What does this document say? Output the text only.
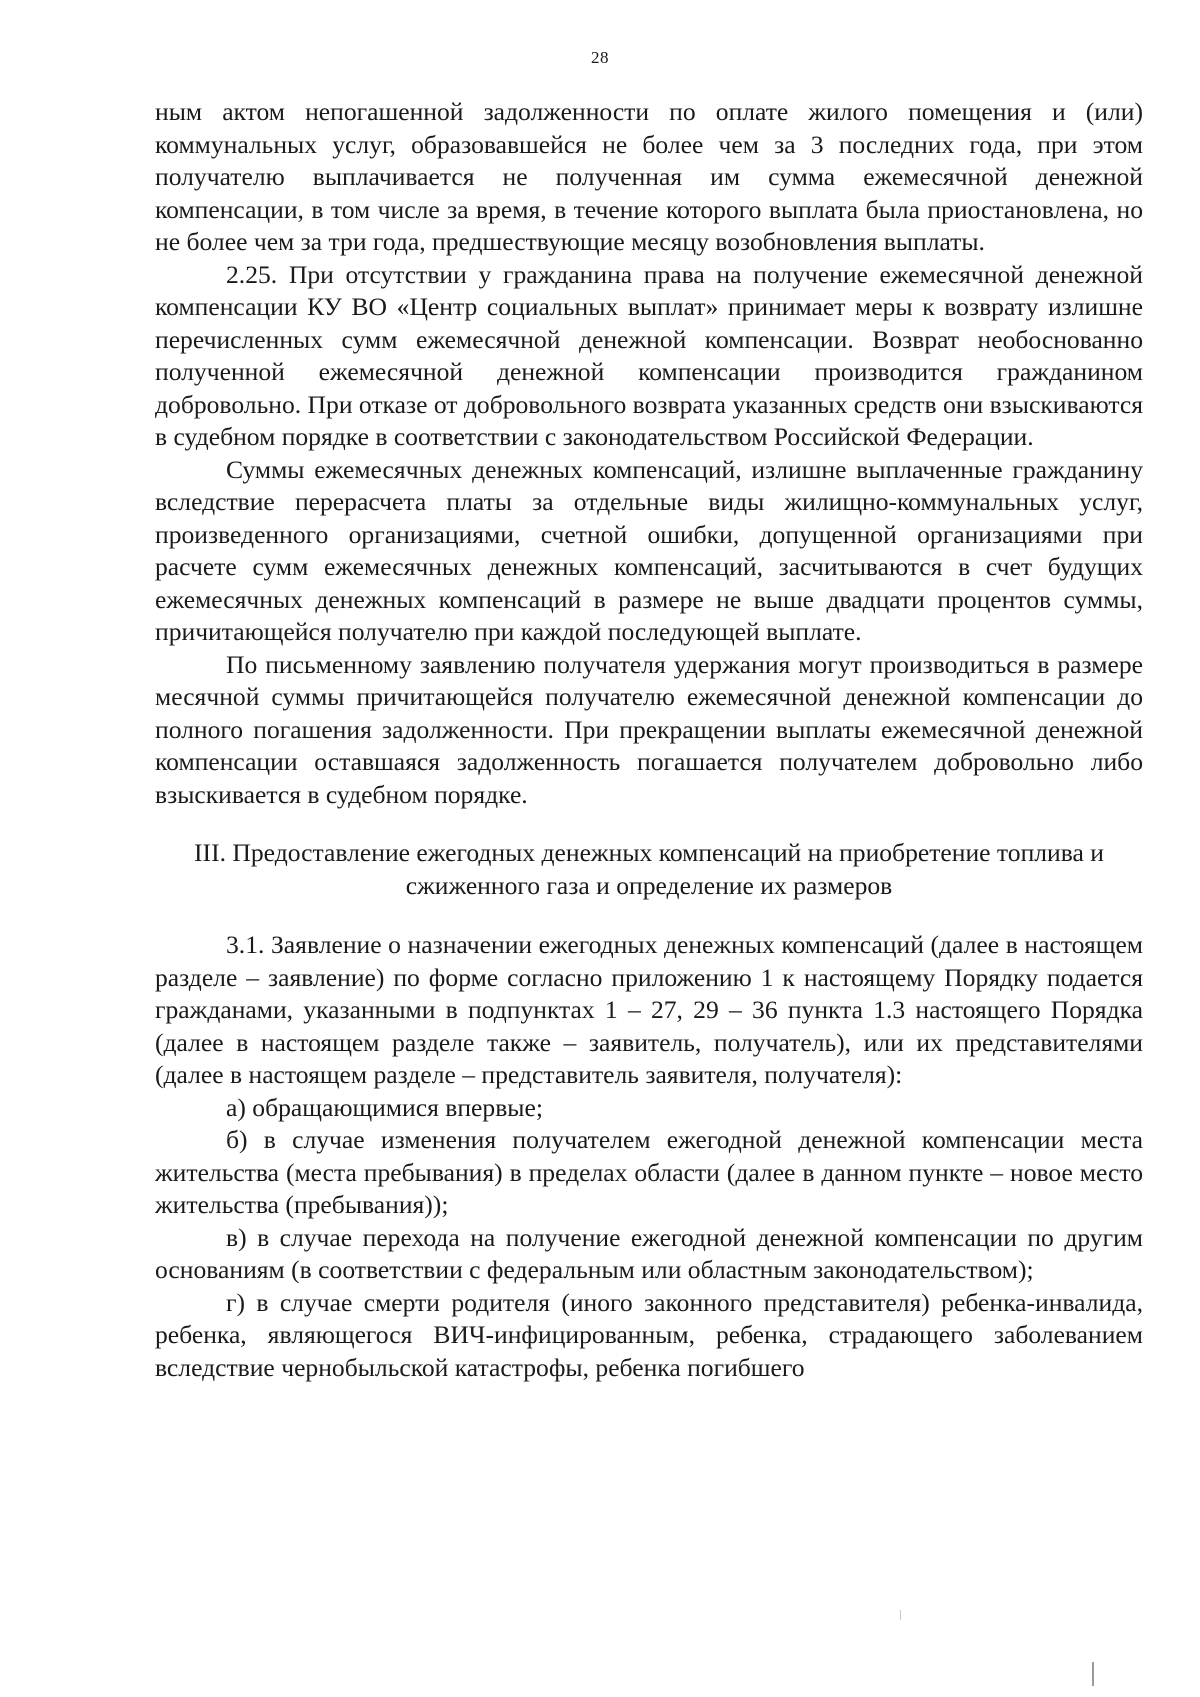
28

ным актом непогашенной задолженности по оплате жилого помещения и (или) коммунальных услуг, образовавшейся не более чем за 3 последних года, при этом получателю выплачивается не полученная им сумма ежемесячной денежной компенсации, в том числе за время, в течение которого выплата была приостановлена, но не более чем за три года, предшествующие месяцу возобновления выплаты.

2.25. При отсутствии у гражданина права на получение ежемесячной денежной компенсации КУ ВО «Центр социальных выплат» принимает меры к возврату излишне перечисленных сумм ежемесячной денежной компенсации. Возврат необоснованно полученной ежемесячной денежной компенсации производится гражданином добровольно. При отказе от добровольного возврата указанных средств они взыскиваются в судебном порядке в соответствии с законодательством Российской Федерации.

Суммы ежемесячных денежных компенсаций, излишне выплаченные гражданину вследствие перерасчета платы за отдельные виды жилищно-коммунальных услуг, произведенного организациями, счетной ошибки, допущенной организациями при расчете сумм ежемесячных денежных компенсаций, засчитываются в счет будущих ежемесячных денежных компенсаций в размере не выше двадцати процентов суммы, причитающейся получателю при каждой последующей выплате.

По письменному заявлению получателя удержания могут производиться в размере месячной суммы причитающейся получателю ежемесячной денежной компенсации до полного погашения задолженности. При прекращении выплаты ежемесячной денежной компенсации оставшаяся задолженность погашается получателем добровольно либо взыскивается в судебном порядке.

III. Предоставление ежегодных денежных компенсаций на приобретение топлива и сжиженного газа и определение их размеров

3.1. Заявление о назначении ежегодных денежных компенсаций (далее в настоящем разделе – заявление) по форме согласно приложению 1 к настоящему Порядку подается гражданами, указанными в подпунктах 1 – 27, 29 – 36 пункта 1.3 настоящего Порядка (далее в настоящем разделе также – заявитель, получатель), или их представителями (далее в настоящем разделе – представитель заявителя, получателя):

а) обращающимися впервые;

б) в случае изменения получателем ежегодной денежной компенсации места жительства (места пребывания) в пределах области (далее в данном пункте – новое место жительства (пребывания));

в) в случае перехода на получение ежегодной денежной компенсации по другим основаниям (в соответствии с федеральным или областным законодательством);

г) в случае смерти родителя (иного законного представителя) ребенка-инвалида, ребенка, являющегося ВИЧ-инфицированным, ребенка, страдающего заболеванием вследствие чернобыльской катастрофы, ребенка погибшего
